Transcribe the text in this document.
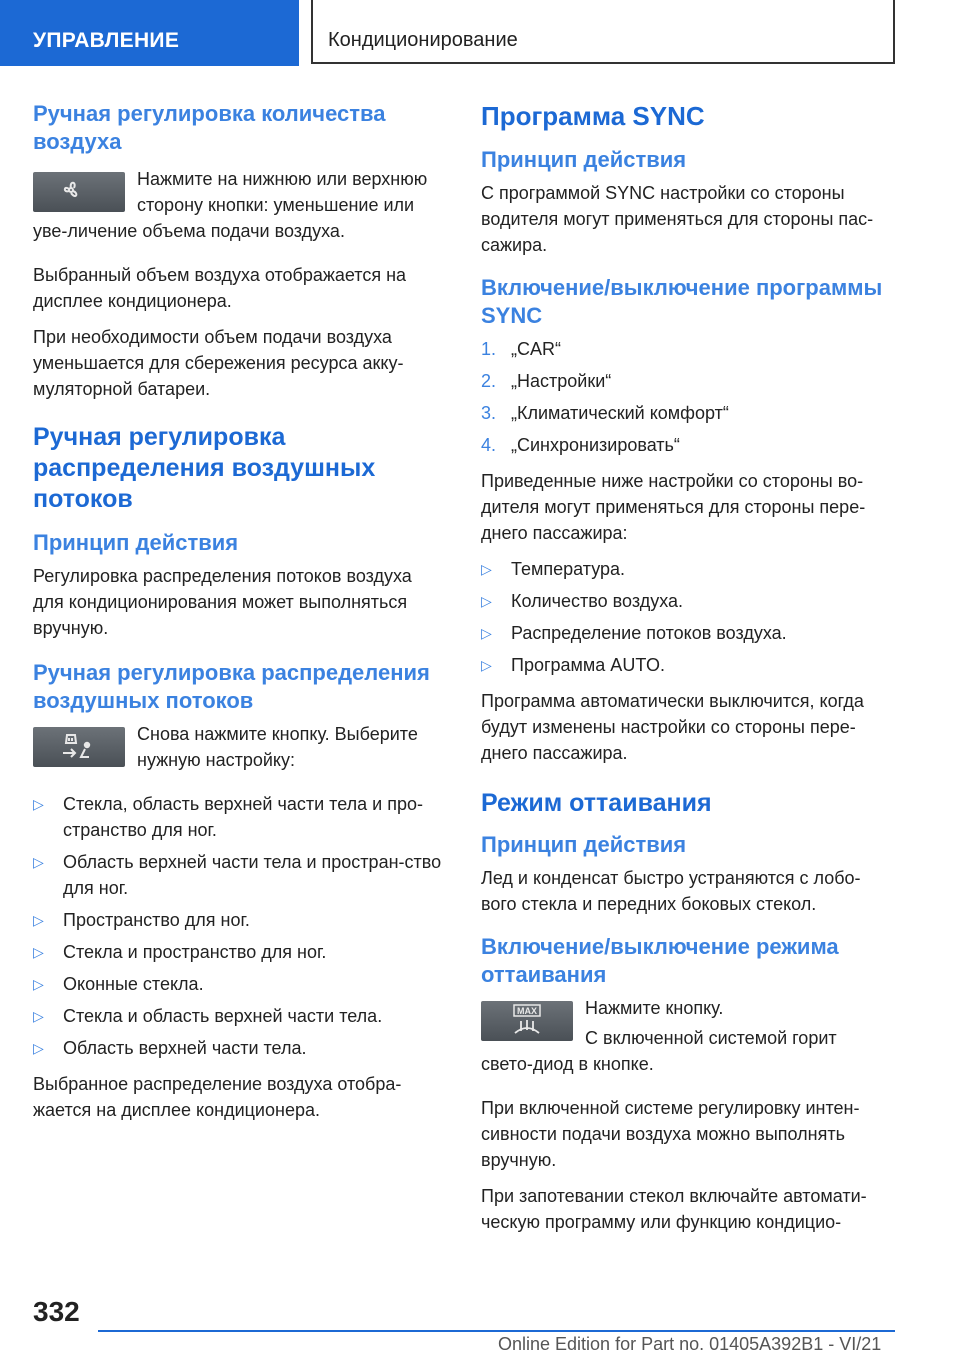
УПРАВЛЕНИЕ	Кондиционирование
Ручная регулировка количества воздуха

Нажмите на нижнюю или верхнюю сторону кнопки: уменьшение или уве-личение объема подачи воздуха.

Выбранный объем воздуха отображается на дисплее кондиционера.

При необходимости объем подачи воздуха уменьшается для сбережения ресурса акку-муляторной батареи.

Ручная регулировка распределения воздушных потоков
Принцип действия

Регулировка распределения потоков воздуха для кондиционирования может выполняться вручную.

Ручная регулировка распределения воздушных потоков

Снова нажмите кнопку. Выберите нужную настройку:

▷ Стекла, область верхней части тела и про-странство для ног.
▷ Область верхней части тела и простран-ство для ног.
▷ Пространство для ног.
▷ Стекла и пространство для ног.
▷ Оконные стекла.
▷ Стекла и область верхней части тела.
▷ Область верхней части тела.

Выбранное распределение воздуха отобра-жается на дисплее кондиционера.

Программа SYNC
Принцип действия

С программой SYNC настройки со стороны водителя могут применяться для стороны пас-сажира.

Включение/выключение программы SYNC
1. „CAR“
2. „Настройки“
3. „Климатический комфорт“
4. „Синхронизировать“

Приведенные ниже настройки со стороны во-дителя могут применяться для стороны пере-днего пассажира:

▷ Температура.
▷ Количество воздуха.
▷ Распределение потоков воздуха.
▷ Программа AUTO.

Программа автоматически выключится, когда будут изменены настройки со стороны пере-днего пассажира.

Режим оттаивания
Принцип действия

Лед и конденсат быстро устраняются с лобо-вого стекла и передних боковых стекол.

Включение/выключение режима оттаивания
MAX	Нажмите кнопку.

С включенной системой горит свето-диод в кнопке.

При включенной системе регулировку интен-сивности подачи воздуха можно выполнять вручную.

При запотевании стекол включайте автомати-ческую программу или функцию кондицио-

332
Online Edition for Part no. 01405A392B1 - VI/21
